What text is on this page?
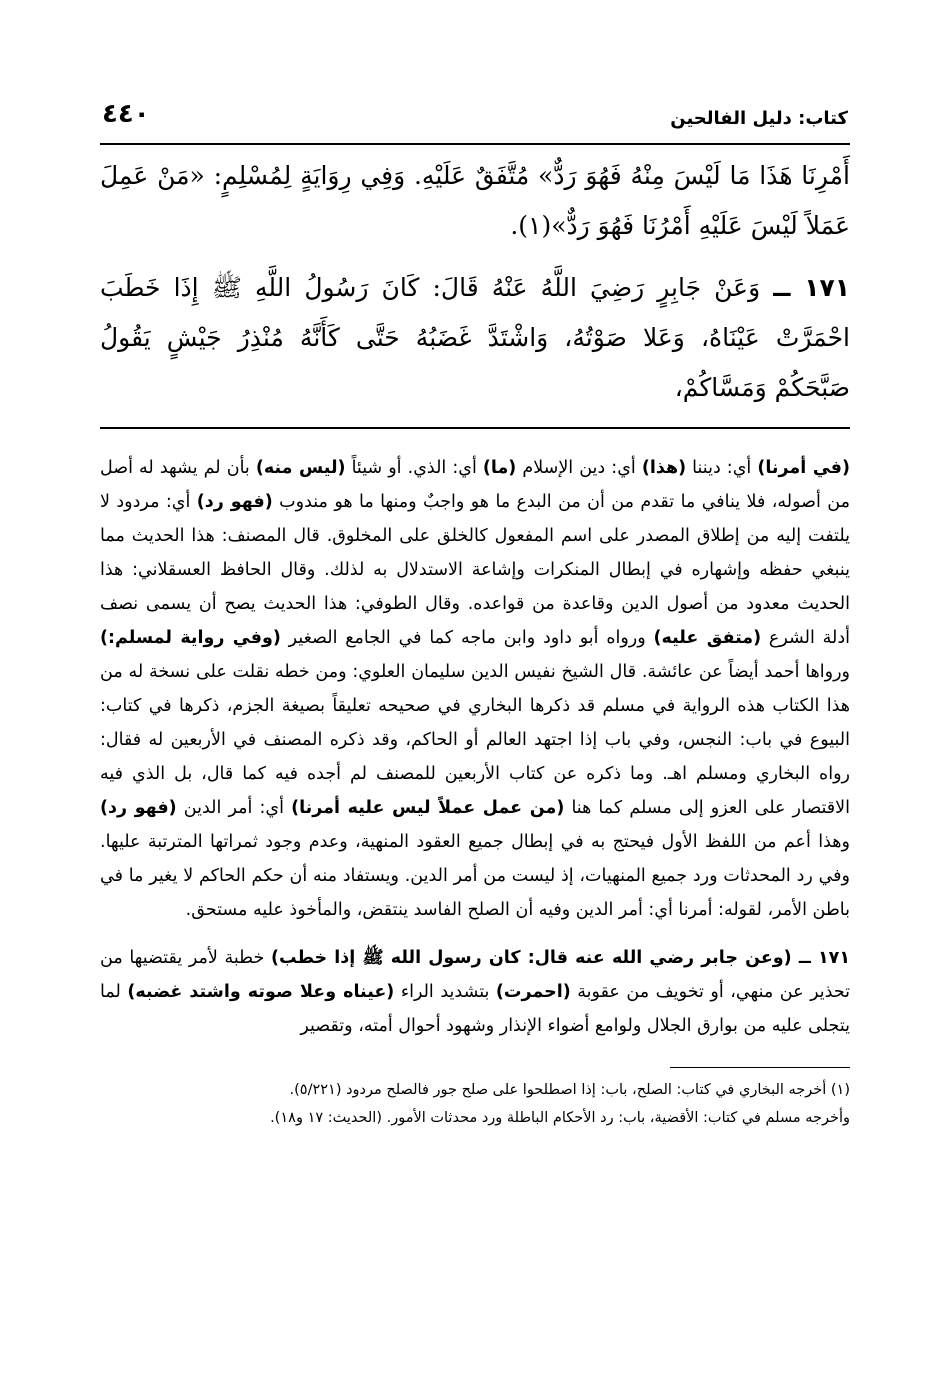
كتاب: دليل الفالحين
٤٤٠

أَمْرِنَا هَذَا مَا لَيْسَ مِنْهُ فَهُوَ رَدٌّ» مُتَّفَقٌ عَلَيْهِ. وَفِي رِوَايَةٍ لِمُسْلِمٍ: «مَنْ عَمِلَ عَمَلاً لَيْسَ عَلَيْهِ أَمْرُنَا فَهُوَ رَدٌّ»(١).

١٧١ ــ وَعَنْ جَابِرٍ رَضِيَ اللَّهُ عَنْهُ قَالَ: كَانَ رَسُولُ اللَّهِ ﷺ إِذَا خَطَبَ احْمَرَّتْ عَيْنَاهُ، وَعَلا صَوْتُهُ، وَاشْتَدَّ غَضَبُهُ حَتَّى كَأَنَّهُ مُنْذِرُ جَيْشٍ يَقُولُ صَبَّحَكُمْ وَمَسَّاكُمْ،

(في أمرنا) أي: ديننا (هذا) أي: دين الإسلام (ما) أي: الذي. أو شيئاً (ليس منه) بأن لم يشهد له أصل من أصوله، فلا ينافي ما تقدم من أن من البدع ما هو واجبٌ ومنها ما هو مندوب (فهو رد) أي: مردود لا يلتفت إليه من إطلاق المصدر على اسم المفعول كالخلق على المخلوق. قال المصنف: هذا الحديث مما ينبغي حفظه وإشهاره في إبطال المنكرات وإشاعة الاستدلال به لذلك. وقال الحافظ العسقلاني: هذا الحديث معدود من أصول الدين وقاعدة من قواعده. وقال الطوفي: هذا الحديث يصح أن يسمى نصف أدلة الشرع (متفق عليه) ورواه أبو داود وابن ماجه كما في الجامع الصغير (وفي رواية لمسلم:) ورواها أحمد أيضاً عن عائشة. قال الشيخ نفيس الدين سليمان العلوي: ومن خطه نقلت على نسخة له من هذا الكتاب هذه الرواية في مسلم قد ذكرها البخاري في صحيحه تعليقاً بصيغة الجزم، ذكرها في كتاب: البيوع في باب: النجس، وفي باب إذا اجتهد العالم أو الحاكم، وقد ذكره المصنف في الأربعين له فقال: رواه البخاري ومسلم اهـ. وما ذكره عن كتاب الأربعين للمصنف لم أجده فيه كما قال، بل الذي فيه الاقتصار على العزو إلى مسلم كما هنا (من عمل عملاً ليس عليه أمرنا) أي: أمر الدين (فهو رد) وهذا أعم من اللفظ الأول فيحتج به في إبطال جميع العقود المنهية، وعدم وجود ثمراتها المترتبة عليها. وفي رد المحدثات ورد جميع المنهيات، إذ ليست من أمر الدين. ويستفاد منه أن حكم الحاكم لا يغير ما في باطن الأمر، لقوله: أمرنا أي: أمر الدين وفيه أن الصلح الفاسد ينتقض، والمأخوذ عليه مستحق.

١٧١ ــ (وعن جابر رضي الله عنه قال: كان رسول الله ﷺ إذا خطب) خطبة لأمر يقتضيها من تحذير عن منهي، أو تخويف من عقوبة (احمرت) بتشديد الراء (عيناه وعلا صوته واشتد غضبه) لما يتجلى عليه من بوارق الجلال ولوامع أضواء الإنذار وشهود أحوال أمته، وتقصير

(١) أخرجه البخاري في كتاب: الصلح، باب: إذا اصطلحوا على صلح جور فالصلح مردود (٥/٢٢١).

وأخرجه مسلم في كتاب: الأقضية، باب: رد الأحكام الباطلة ورد محدثات الأمور. (الحديث: ١٧ و١٨).
